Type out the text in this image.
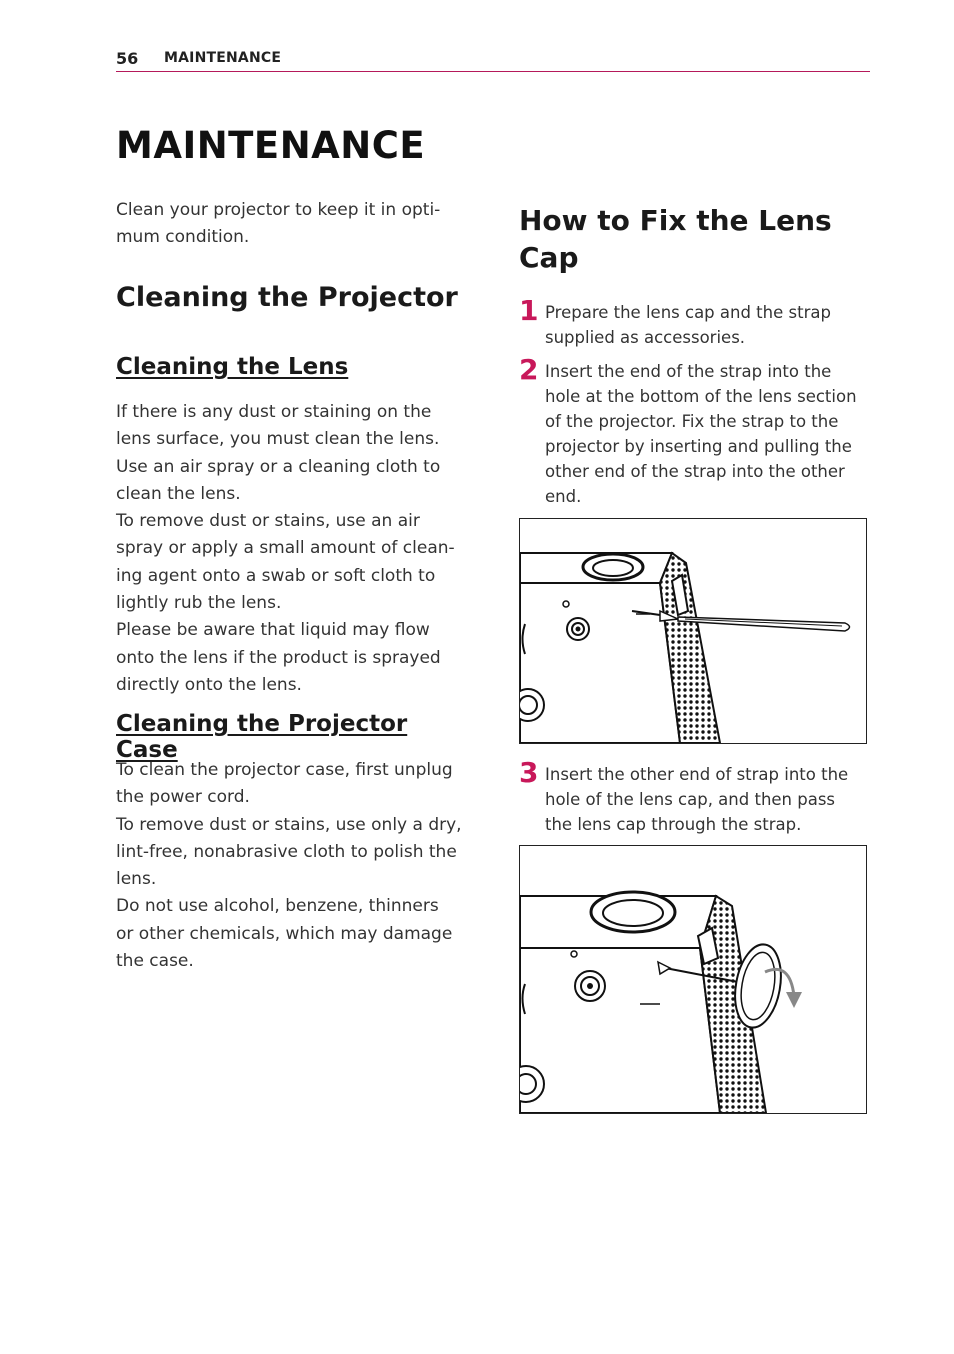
56 MAINTENANCE
MAINTENANCE

Clean your projector to keep it in opti-

mum condition.

Cleaning the Projector
Cleaning the Lens

If there is any dust or staining on the

lens surface, you must clean the lens.

Use an air spray or a cleaning cloth to

clean the lens.

To remove dust or stains, use an air

spray or apply a small amount of clean-

ing agent onto a swab or soft cloth to

lightly rub the lens.

Please be aware that liquid may flow

onto the lens if the product is sprayed

directly onto the lens.

Cleaning the Projector Case

To clean the projector case, first unplug

the power cord.

To remove dust or stains, use only a dry,

lint-free, nonabrasive cloth to polish the

lens.

Do not use alcohol, benzene, thinners

or other chemicals, which may damage

the case.

How to Fix the Lens

Cap

1 Prepare the lens cap and the strap

supplied as accessories.

2 Insert the end of the strap into the

hole at the bottom of the lens section

of the projector. Fix the strap to the

projector by inserting and pulling the

other end of the strap into the other

end.

3 Insert the other end of strap into the

hole of the lens cap, and then pass

the lens cap through the strap.
